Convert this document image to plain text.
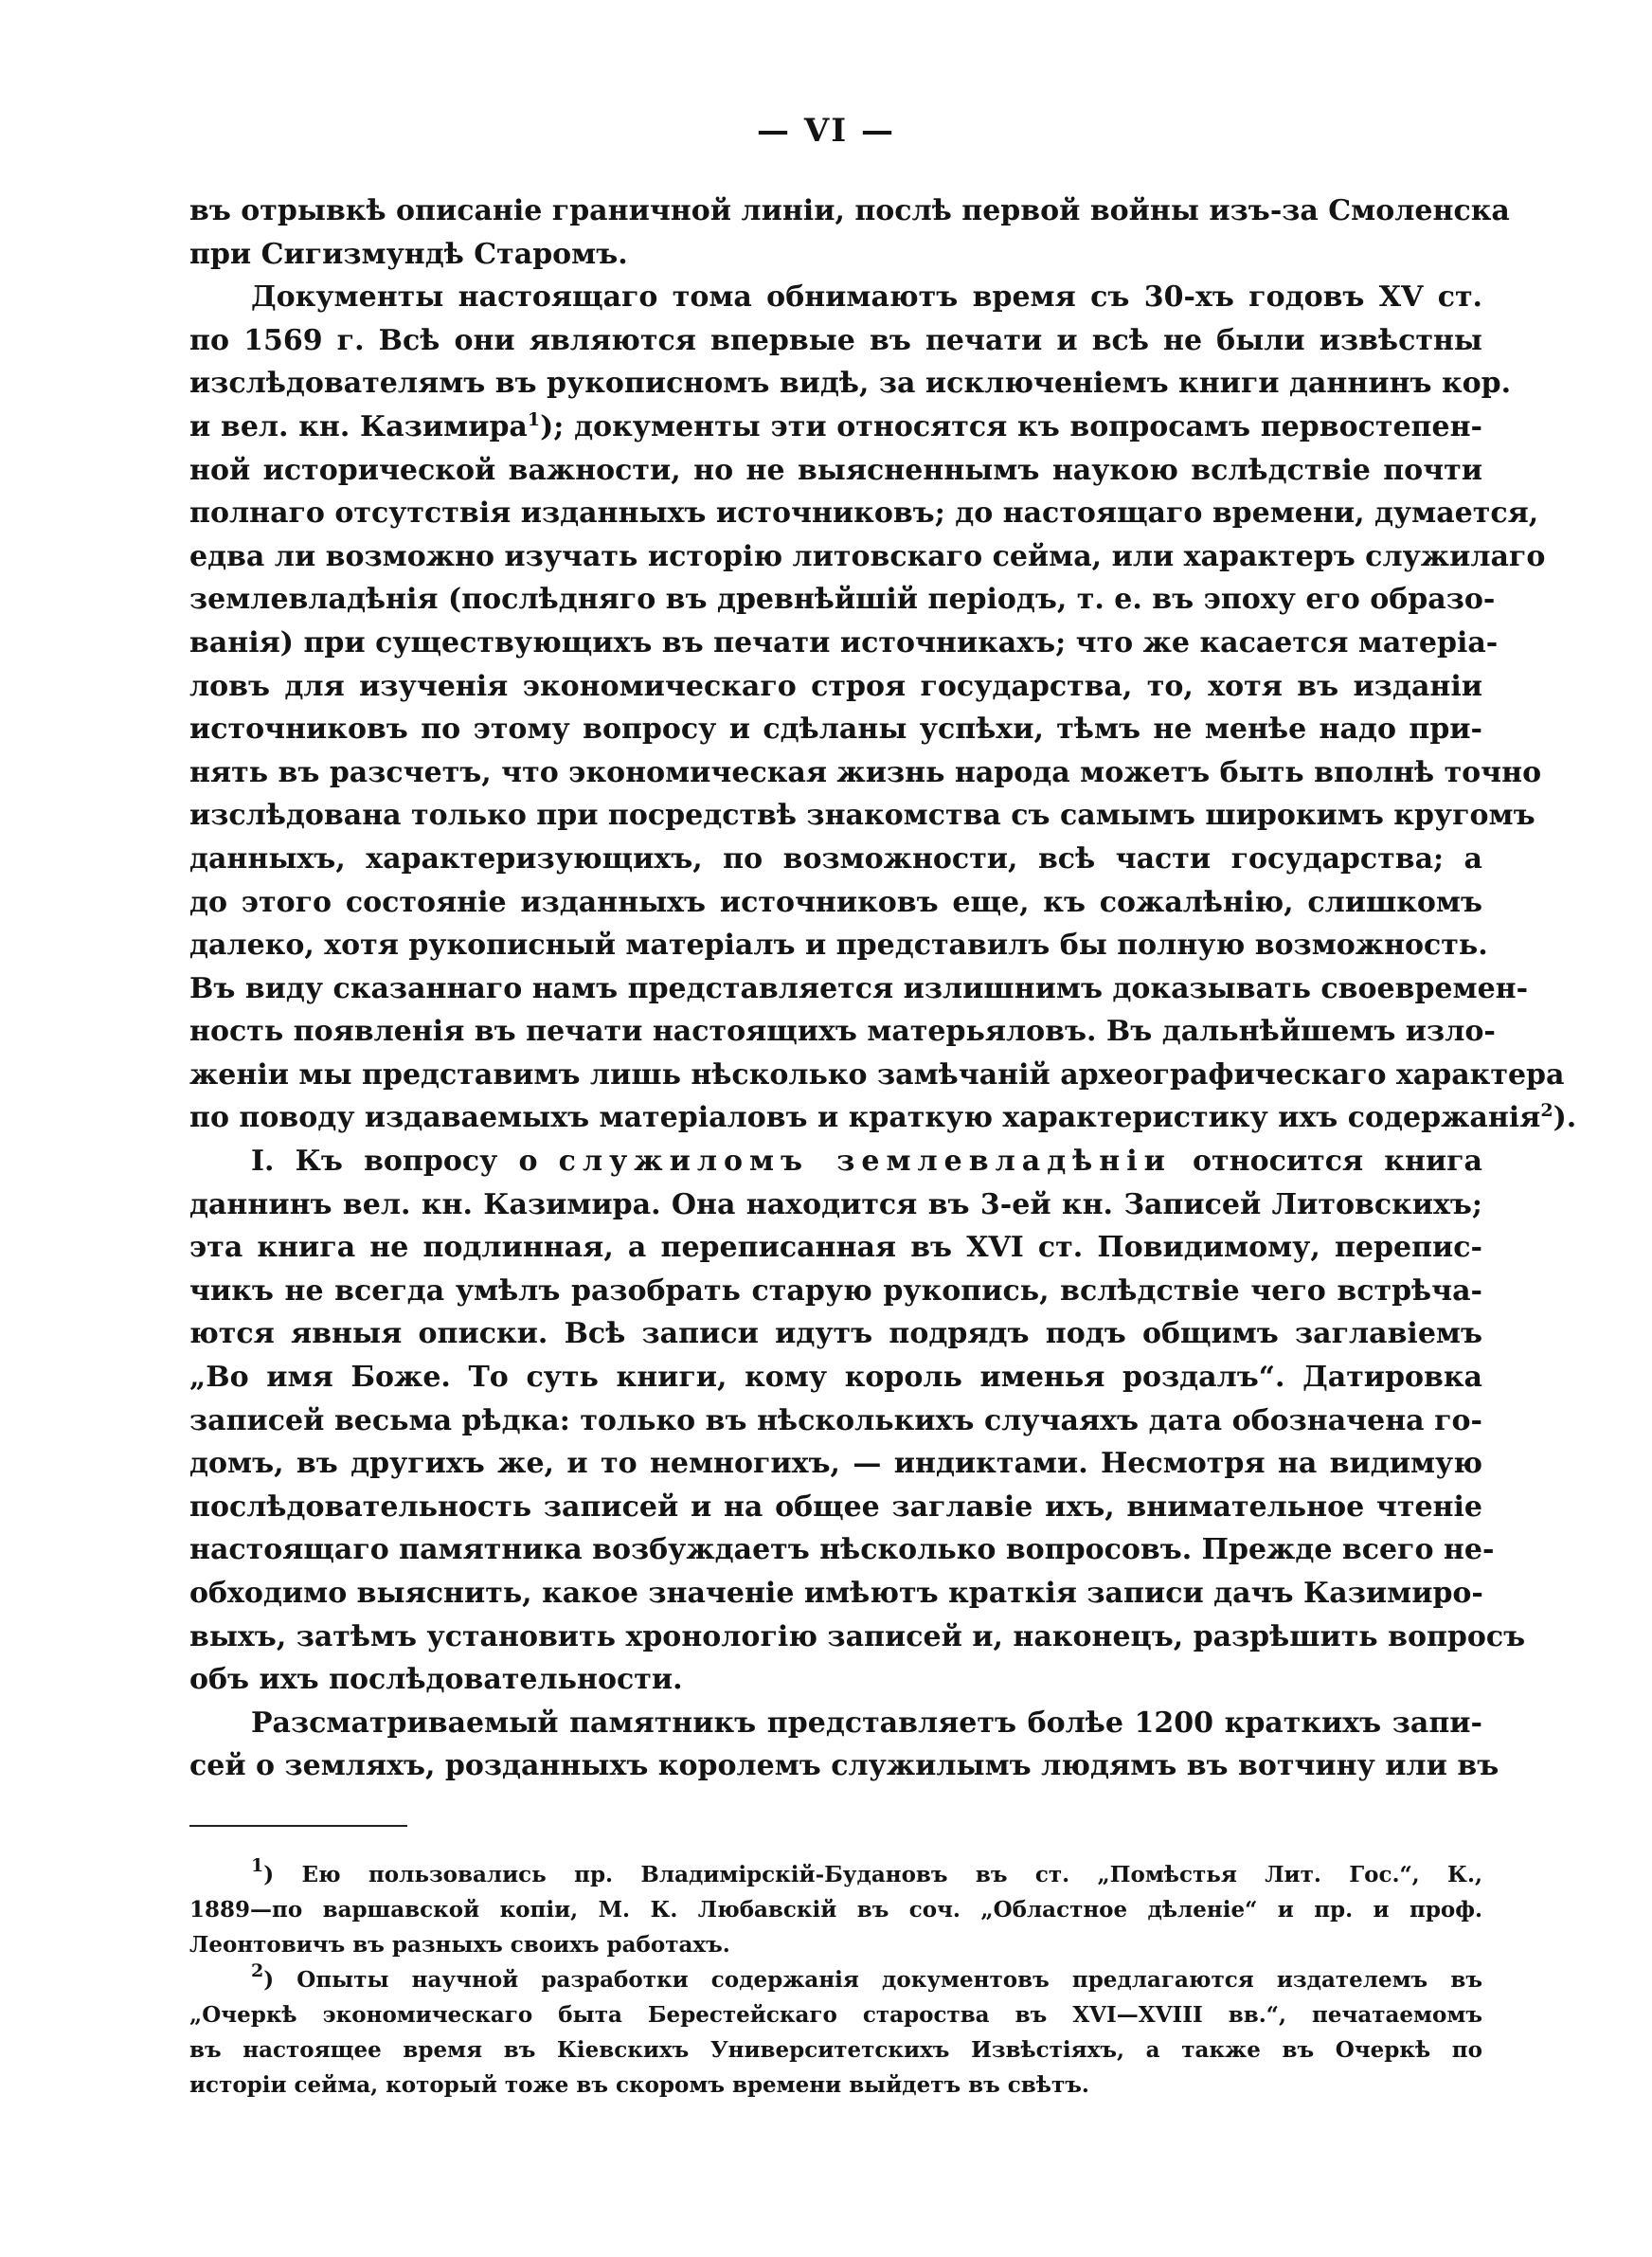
— VI —
въ отрывкѣ описаніе граничной линіи, послѣ первой войны изъ-за Смоленска
при Сигизмундѣ Старомъ.
Документы настоящаго тома обнимаютъ время съ 30-хъ годовъ XV ст.
по 1569 г. Всѣ они являются впервые въ печати и всѣ не были извѣстны
изслѣдователямъ въ рукописномъ видѣ, за исключеніемъ книги даннинъ кор.
и вел. кн. Казимира$^1$); документы эти относятся къ вопросамъ первостепен-
ной исторической важности, но не выясненнымъ наукою вслѣдствіе почти
полнаго отсутствія изданныхъ источниковъ; до настоящаго времени, думается,
едва ли возможно изучать исторію литовскаго сейма, или характеръ служилаго
землевладѣнія (послѣдняго въ древнѣйшій періодъ, т. е. въ эпоху его образо-
ванія) при существующихъ въ печати источникахъ; что же касается матеріа-
ловъ для изученія экономическаго строя государства, то, хотя въ изданіи
источниковъ по этому вопросу и сдѣланы успѣхи, тѣмъ не менѣе надо при-
нять въ разсчетъ, что экономическая жизнь народа можетъ быть вполнѣ точно
изслѣдована только при посредствѣ знакомства съ самымъ широкимъ кругомъ
данныхъ, характеризующихъ, по возможности, всѣ части государства; а
до этого состояніе изданныхъ источниковъ еще, къ сожалѣнію, слишкомъ
далеко, хотя рукописный матеріалъ и представилъ бы полную возможность.
Въ виду сказаннаго намъ представляется излишнимъ доказывать своевремен-
ность появленія въ печати настоящихъ матерьяловъ. Въ дальнѣйшемъ изло-
женіи мы представимъ лишь нѣсколько замѣчаній археографическаго характера
по поводу издаваемыхъ матеріаловъ и краткую характеристику ихъ содержанія$^2$).
I. Къ вопросу о служиломъ землевладѣніи относится книга
даннинъ вел. кн. Казимира. Она находится въ 3-ей кн. Записей Литовскихъ;
эта книга не подлинная, а переписанная въ XVI ст. Повидимому, перепис-
чикъ не всегда умѣлъ разобрать старую рукопись, вслѣдствіе чего встрѣча-
ются явныя описки. Всѣ записи идутъ подрядъ подъ общимъ заглавіемъ
„Во имя Боже. То суть книги, кому король именья роздалъ“. Датировка
записей весьма рѣдка: только въ нѣсколькихъ случаяхъ дата обозначена го-
домъ, въ другихъ же, и то немногихъ, — индиктами. Несмотря на видимую
послѣдовательность записей и на общее заглавіе ихъ, внимательное чтеніе
настоящаго памятника возбуждаетъ нѣсколько вопросовъ. Прежде всего не-
обходимо выяснить, какое значеніе имѣютъ краткія записи дачъ Казимиро-
выхъ, затѣмъ установить хронологію записей и, наконецъ, разрѣшить вопросъ
объ ихъ послѣдовательности.
Разсматриваемый памятникъ представляетъ болѣе 1200 краткихъ запи-
сей о земляхъ, розданныхъ королемъ служилымъ людямъ въ вотчину или въ
$^1$) Ею пользовались пр. Владимірскій-Будановъ въ ст. „Помѣстья Лит. Гос.“, К.,
1889—по варшавской копіи, М. К. Любавскій въ соч. „Областное дѣленіе“ и пр. и проф.
Леонтовичъ въ разныхъ своихъ работахъ.
$^2$) Опыты научной разработки содержанія документовъ предлагаются издателемъ въ
„Очеркѣ экономическаго быта Берестейскаго староства въ XVI—XVIII вв.“, печатаемомъ
въ настоящее время въ Кіевскихъ Университетскихъ Извѣстіяхъ, а также въ Очеркѣ по
исторіи сейма, который тоже въ скоромъ времени выйдетъ въ свѣтъ.
